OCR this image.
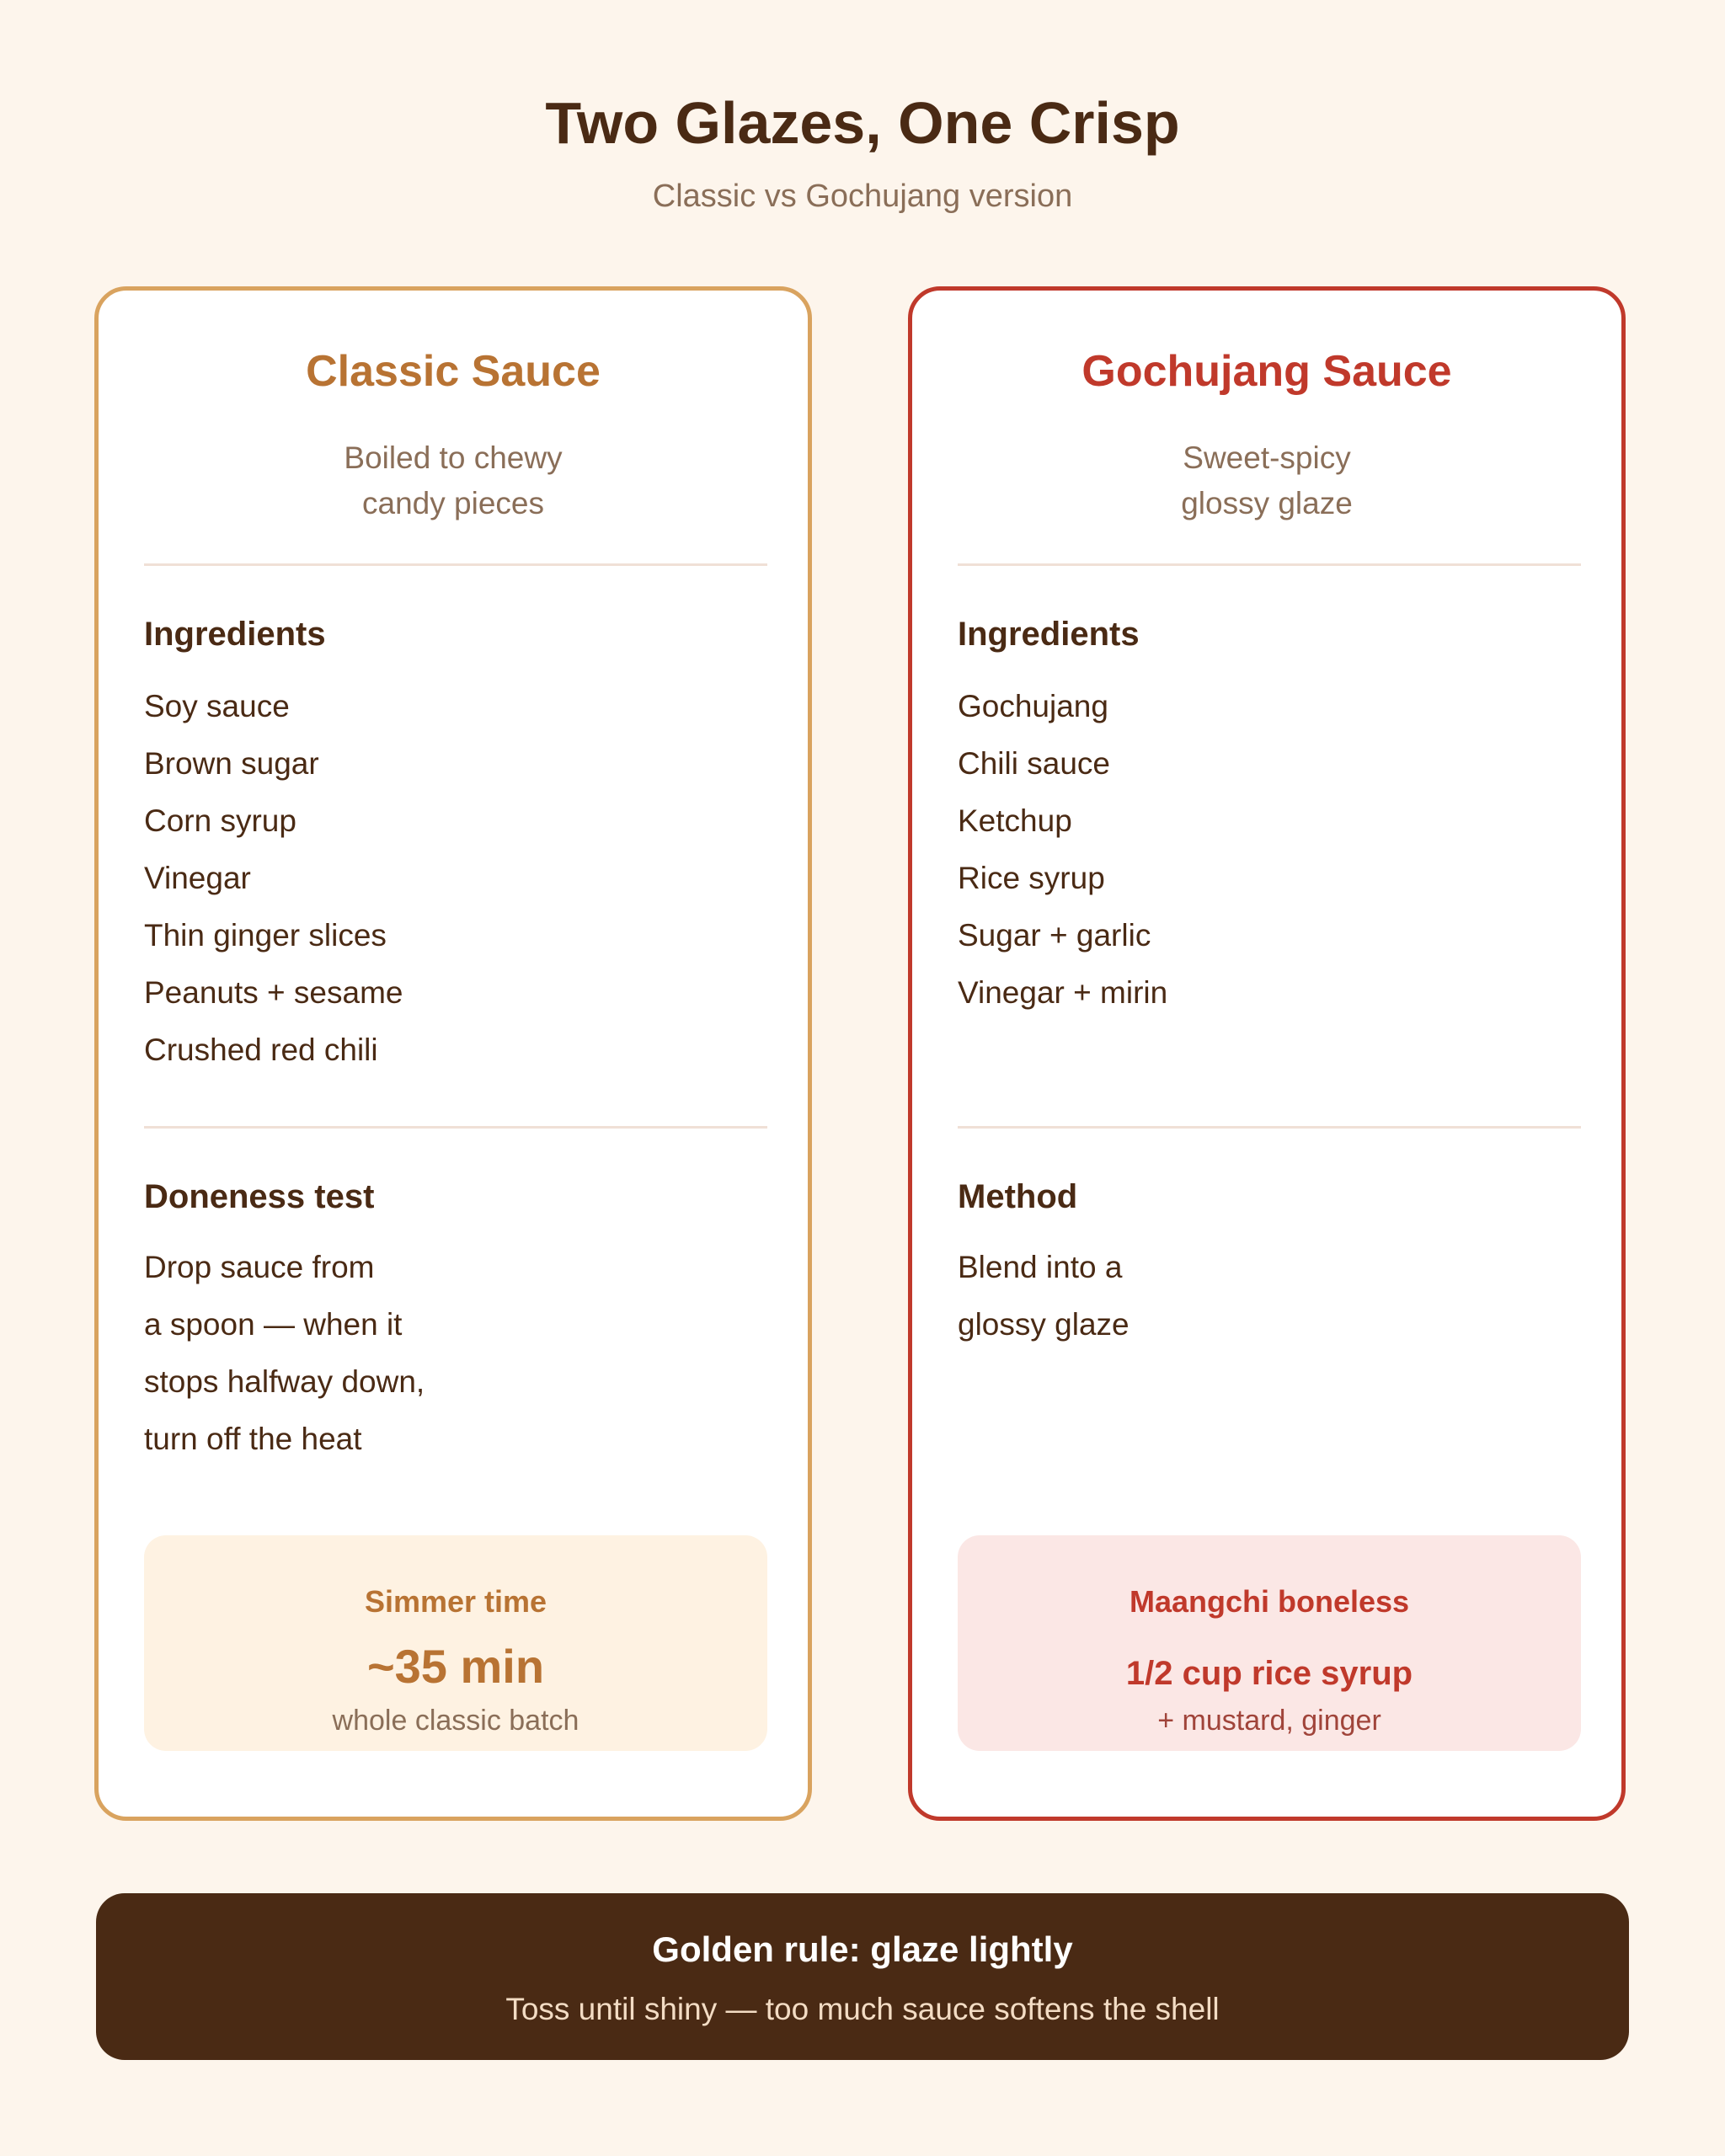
Two Glazes, One Crisp
Classic vs Gochujang version
Classic Sauce
Boiled to chewy
candy pieces
Ingredients
Soy sauce
Brown sugar
Corn syrup
Vinegar
Thin ginger slices
Peanuts + sesame
Crushed red chili
Doneness test
Drop sauce from
a spoon — when it
stops halfway down,
turn off the heat
Simmer time
~35 min
whole classic batch
Gochujang Sauce
Sweet-spicy
glossy glaze
Ingredients
Gochujang
Chili sauce
Ketchup
Rice syrup
Sugar + garlic
Vinegar + mirin
Method
Blend into a
glossy glaze
Maangchi boneless
1/2 cup rice syrup
+ mustard, ginger
Golden rule: glaze lightly
Toss until shiny — too much sauce softens the shell
